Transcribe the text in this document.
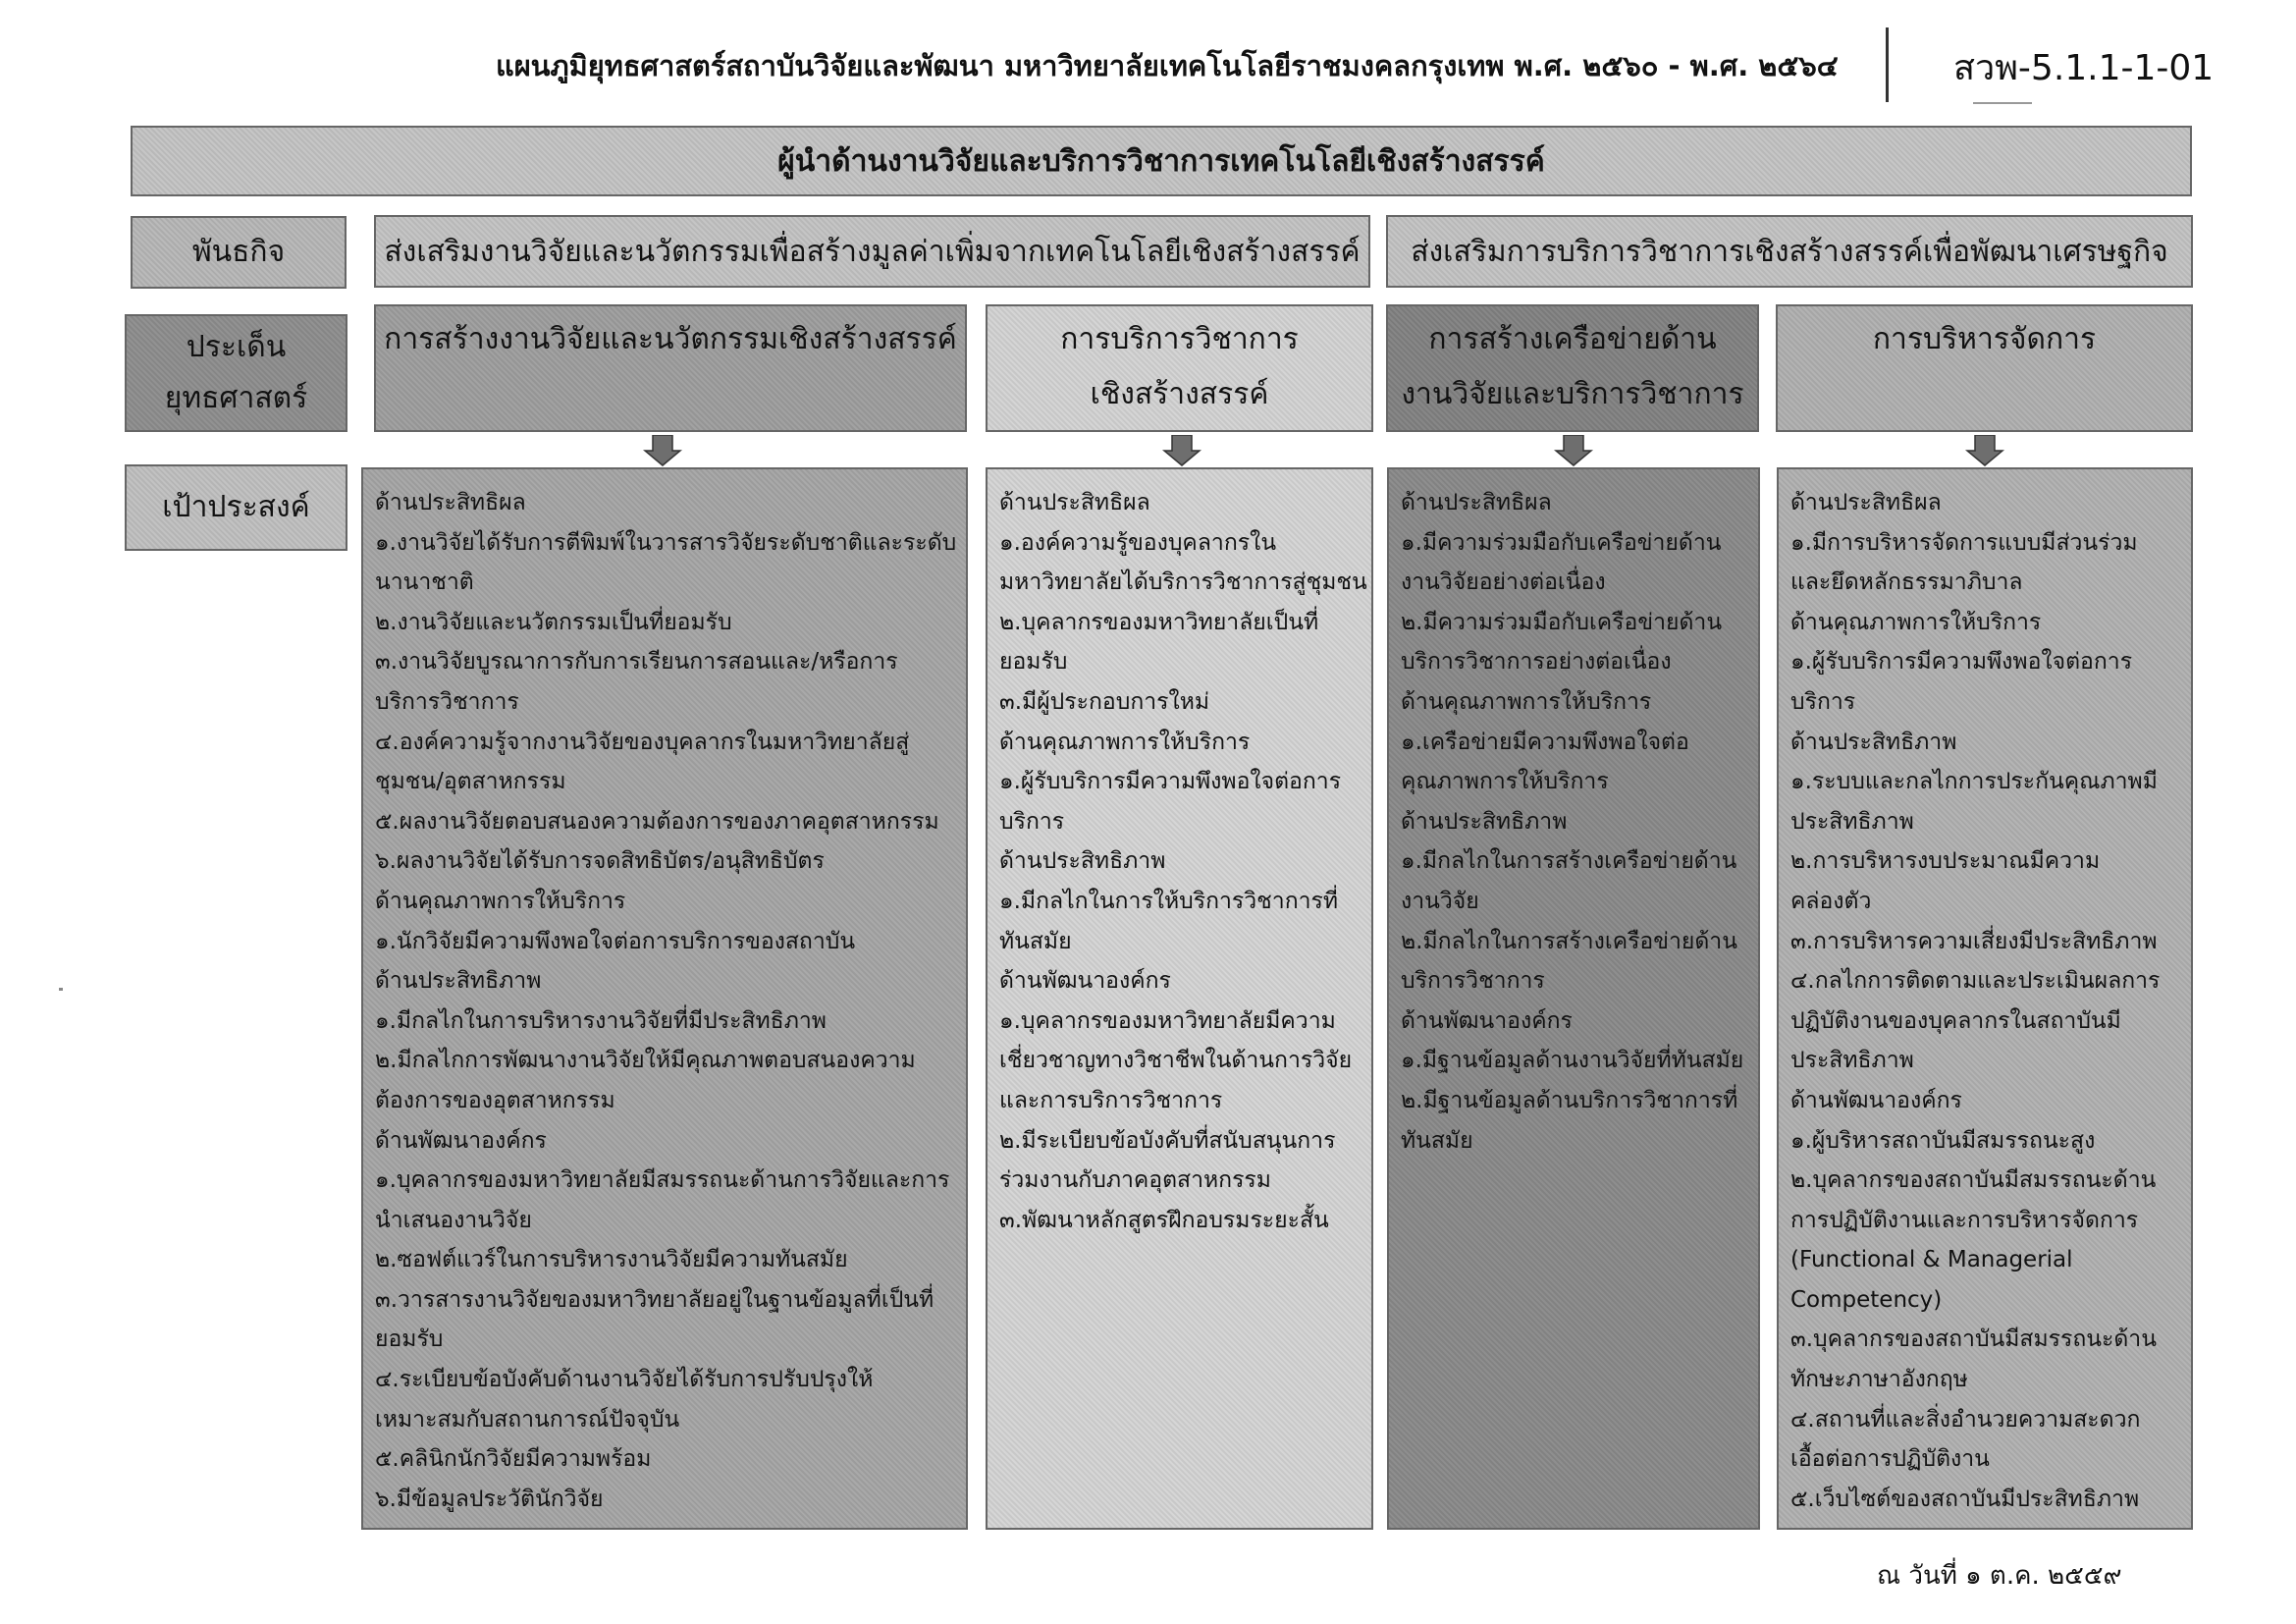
แผนภูมิยุทธศาสตร์สถาบันวิจัยและพัฒนา มหาวิทยาลัยเทคโนโลยีราชมงคลกรุงเทพ พ.ศ. ๒๕๖๐ - พ.ศ. ๒๕๖๔	สวพ-5.1.1-1-01
ผู้นำด้านงานวิจัยและบริการวิชาการเทคโนโลยีเชิงสร้างสรรค์
พันธกิจ
ประเด็น
ยุทธศาสตร์
เป้าประสงค์
ส่งเสริมงานวิจัยและนวัตกรรมเพื่อสร้างมูลค่าเพิ่มจากเทคโนโลยีเชิงสร้างสรรค์ ส่งเสริมการบริการวิชาการเชิงสร้างสรรค์เพื่อพัฒนาเศรษฐกิจ
การสร้างงานวิจัยและนวัตกรรมเชิงสร้างสรรค์	การบริการวิชาการ
เชิงสร้างสรรค์
การสร้างเครือข่ายด้าน
งานวิจัยและบริการวิชาการ
การบริหารจัดการ
ด้านประสิทธิผล
๑.งานวิจัยได้รับการตีพิมพ์ในวารสารวิจัยระดับชาติและระดับ
นานาชาติ
๒.งานวิจัยและนวัตกรรมเป็นที่ยอมรับ
๓.งานวิจัยบูรณาการกับการเรียนการสอนและ/หรือการ
บริการวิชาการ
๔.องค์ความรู้จากงานวิจัยของบุคลากรในมหาวิทยาลัยสู่
ชุมชน/อุตสาหกรรม
๕.ผลงานวิจัยตอบสนองความต้องการของภาคอุตสาหกรรม
๖.ผลงานวิจัยได้รับการจดสิทธิบัตร/อนุสิทธิบัตร
ด้านคุณภาพการให้บริการ
๑.นักวิจัยมีความพึงพอใจต่อการบริการของสถาบัน
ด้านประสิทธิภาพ
๑.มีกลไกในการบริหารงานวิจัยที่มีประสิทธิภาพ
๒.มีกลไกการพัฒนางานวิจัยให้มีคุณภาพตอบสนองความ
ต้องการของอุตสาหกรรม
ด้านพัฒนาองค์กร
๑.บุคลากรของมหาวิทยาลัยมีสมรรถนะด้านการวิจัยและการ
นำเสนองานวิจัย
๒.ซอฟต์แวร์ในการบริหารงานวิจัยมีความทันสมัย
๓.วารสารงานวิจัยของมหาวิทยาลัยอยู่ในฐานข้อมูลที่เป็นที่
ยอมรับ
๔.ระเบียบข้อบังคับด้านงานวิจัยได้รับการปรับปรุงให้
เหมาะสมกับสถานการณ์ปัจจุบัน
๕.คลินิกนักวิจัยมีความพร้อม
๖.มีข้อมูลประวัตินักวิจัย
ด้านประสิทธิผล
๑.องค์ความรู้ของบุคลากรใน
มหาวิทยาลัยได้บริการวิชาการสู่ชุมชน
๒.บุคลากรของมหาวิทยาลัยเป็นที่
ยอมรับ
๓.มีผู้ประกอบการใหม่
ด้านคุณภาพการให้บริการ
๑.ผู้รับบริการมีความพึงพอใจต่อการ
บริการ
ด้านประสิทธิภาพ
๑.มีกลไกในการให้บริการวิชาการที่
ทันสมัย
ด้านพัฒนาองค์กร
๑.บุคลากรของมหาวิทยาลัยมีความ
เชี่ยวชาญทางวิชาชีพในด้านการวิจัย
และการบริการวิชาการ
๒.มีระเบียบข้อบังคับที่สนับสนุนการ
ร่วมงานกับภาคอุตสาหกรรม
๓.พัฒนาหลักสูตรฝึกอบรมระยะสั้น
ด้านประสิทธิผล
๑.มีความร่วมมือกับเครือข่ายด้าน
งานวิจัยอย่างต่อเนื่อง
๒.มีความร่วมมือกับเครือข่ายด้าน
บริการวิชาการอย่างต่อเนื่อง
ด้านคุณภาพการให้บริการ
๑.เครือข่ายมีความพึงพอใจต่อ
คุณภาพการให้บริการ
ด้านประสิทธิภาพ
๑.มีกลไกในการสร้างเครือข่ายด้าน
งานวิจัย
๒.มีกลไกในการสร้างเครือข่ายด้าน
บริการวิชาการ
ด้านพัฒนาองค์กร
๑.มีฐานข้อมูลด้านงานวิจัยที่ทันสมัย
๒.มีฐานข้อมูลด้านบริการวิชาการที่
ทันสมัย
ด้านประสิทธิผล
๑.มีการบริหารจัดการแบบมีส่วนร่วม
และยึดหลักธรรมาภิบาล
ด้านคุณภาพการให้บริการ
๑.ผู้รับบริการมีความพึงพอใจต่อการ
บริการ
ด้านประสิทธิภาพ
๑.ระบบและกลไกการประกันคุณภาพมี
ประสิทธิภาพ
๒.การบริหารงบประมาณมีความ
คล่องตัว
๓.การบริหารความเสี่ยงมีประสิทธิภาพ
๔.กลไกการติดตามและประเมินผลการ
ปฏิบัติงานของบุคลากรในสถาบันมี
ประสิทธิภาพ
ด้านพัฒนาองค์กร
๑.ผู้บริหารสถาบันมีสมรรถนะสูง
๒.บุคลากรของสถาบันมีสมรรถนะด้าน
การปฏิบัติงานและการบริหารจัดการ
(Functional & Managerial
Competency)
๓.บุคลากรของสถาบันมีสมรรถนะด้าน
ทักษะภาษาอังกฤษ
๔.สถานที่และสิ่งอำนวยความสะดวก
เอื้อต่อการปฏิบัติงาน
๕.เว็บไซต์ของสถาบันมีประสิทธิภาพ
ณ วันที่ ๑ ต.ค. ๒๕๕๙
